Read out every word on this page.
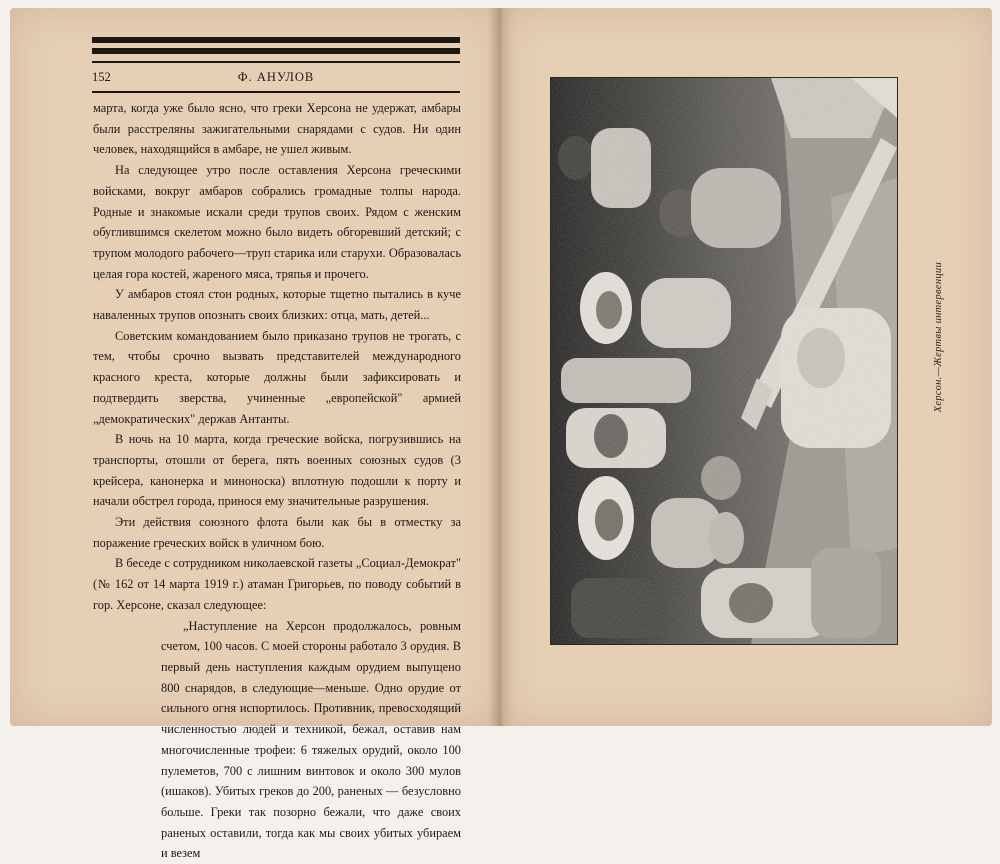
152	Ф. АНУЛОВ

марта, когда уже было ясно, что греки Херсона не удержат, амбары были расстреляны зажигательными снарядами с судов. Ни один человек, находящийся в амбаре, не ушел живым.

На следующее утро после оставления Херсона греческими войсками, вокруг амбаров собрались громадные толпы народа. Родные и знакомые искали среди трупов своих. Рядом с женским обуглившимся скелетом можно было видеть обгоревший детский; с трупом молодого рабочего—труп старика или старухи. Образовалась целая гора костей, жареного мяса, тряпья и прочего.

У амбаров стоял стон родных, которые тщетно пытались в куче наваленных трупов опознать своих близких: отца, мать, детей...

Советским командованием было приказано трупов не трогать, с тем, чтобы срочно вызвать представителей международного красного креста, которые должны были зафиксировать и подтвердить зверства, учиненные „европейской" армией „демократических" держав Антанты.

В ночь на 10 марта, когда греческие войска, погрузившись на транспорты, отошли от берега, пять военных союзных судов (3 крейсера, канонерка и миноноска) вплотную подошли к порту и начали обстрел города, принося ему значительные разрушения.

Эти действия союзного флота были как бы в отместку за поражение греческих войск в уличном бою.

В беседе с сотрудником николаевской газеты „Социал-Демократ" (№ 162 от 14 марта 1919 г.) атаман Григорьев, по поводу событий в гор. Херсоне, сказал следующее:

„Наступление на Херсон продолжалось, ровным счетом, 100 часов. С моей стороны работало 3 орудия. В первый день наступления каждым орудием выпущено 800 снарядов, в следующие—меньше. Одно орудие от сильного огня испортилось. Противник, превосходящий численностью людей и техникой, бежал, оставив нам многочисленные трофеи: 6 тяжелых орудий, около 100 пулеметов, 700 с лишним винтовок и около 300 мулов (ишаков). Убитых греков до 200, раненых — безусловно больше. Греки так позорно бежали, что даже своих раненых оставили, тогда как мы своих убитых убираем и везем

Херсон.—Жертвы интервенции
